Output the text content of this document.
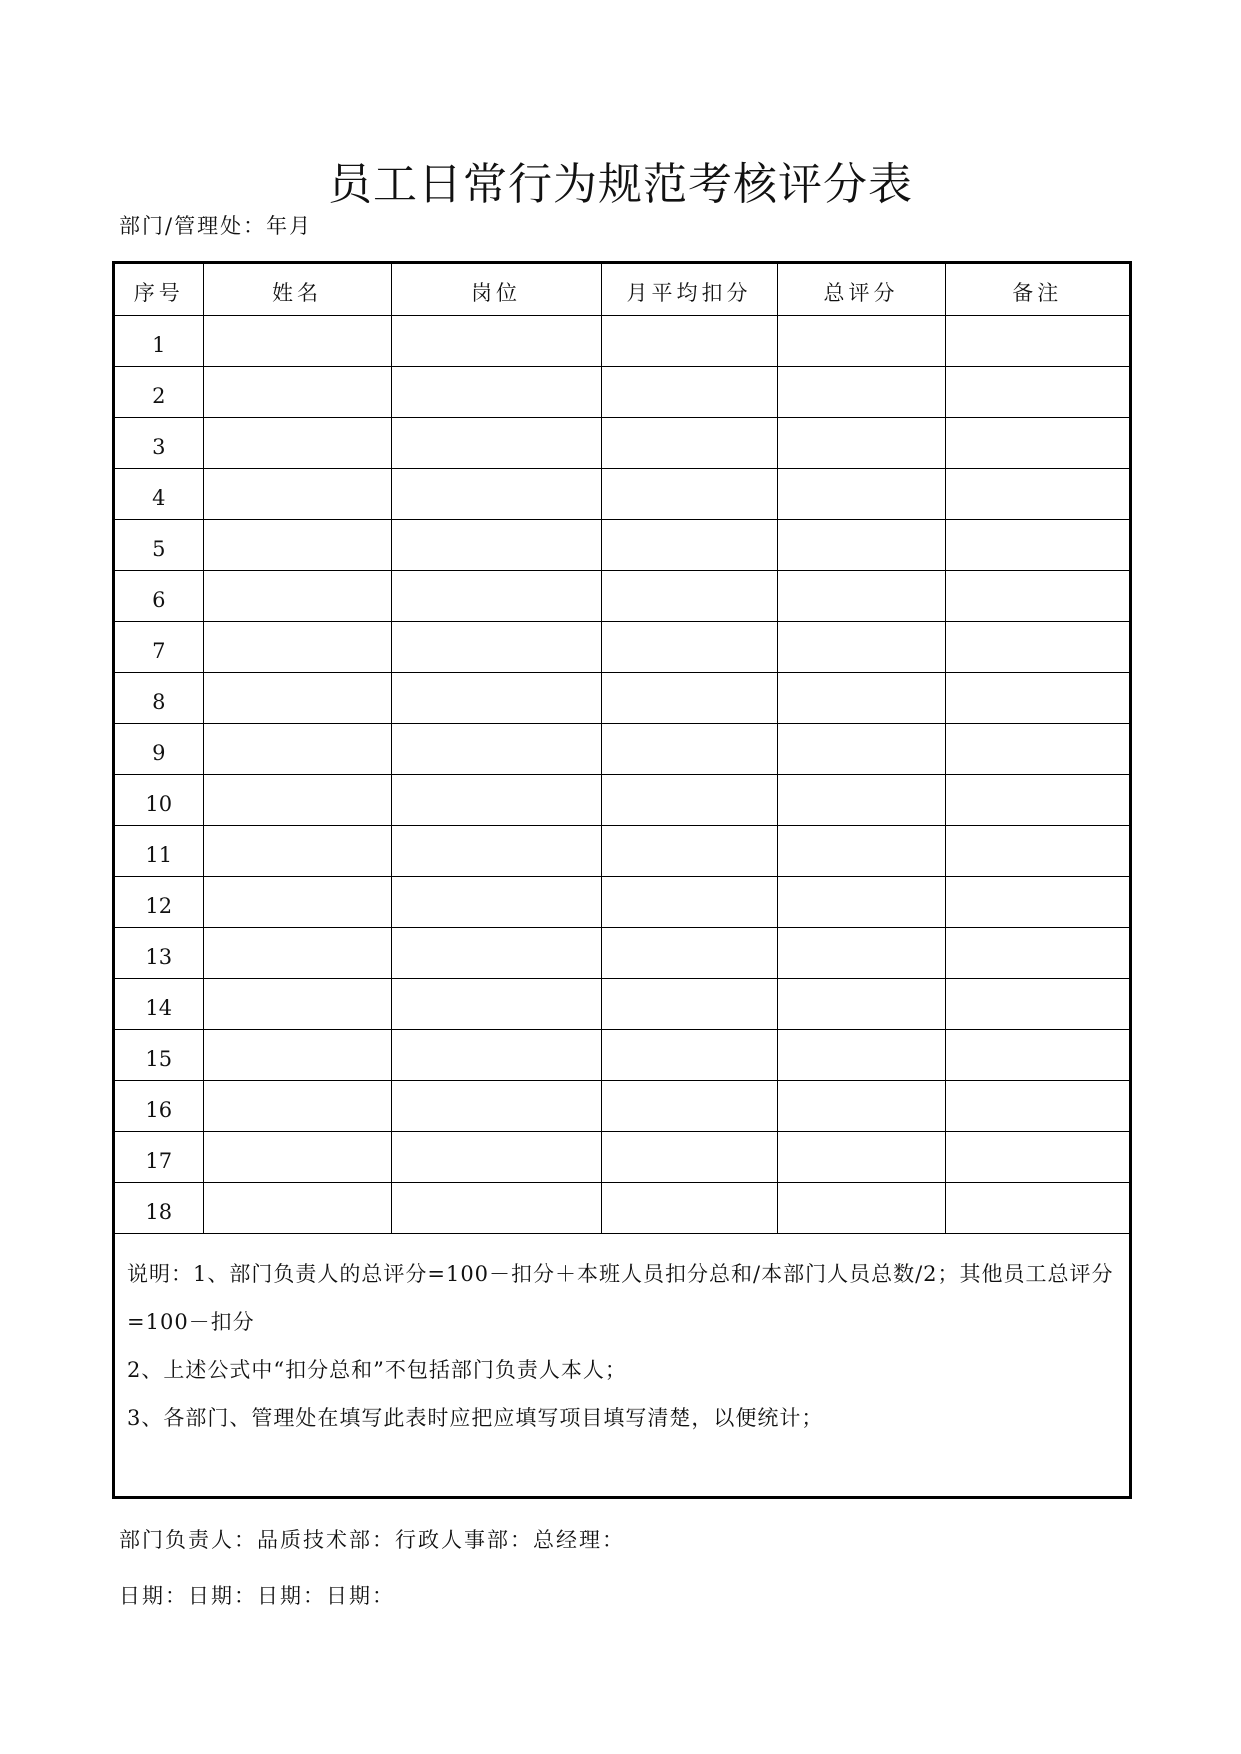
员工日常行为规范考核评分表
部门/管理处：年月
序号	姓名	岗位	月平均扣分	总评分	备注
1					
2					
3					
4					
5					
6					
7					
8					
9					
10					
11					
12					
13					
14					
15					
16					
17					
18					

说明：1、部门负责人的总评分=100－扣分＋本班人员扣分总和/本部门人员总数/2；其他员工总评分=100－扣分

2、上述公式中“扣分总和”不包括部门负责人本人；

3、各部门、管理处在填写此表时应把应填写项目填写清楚，以便统计；

部门负责人：品质技术部：行政人事部：总经理：
日期：日期：日期：日期：
